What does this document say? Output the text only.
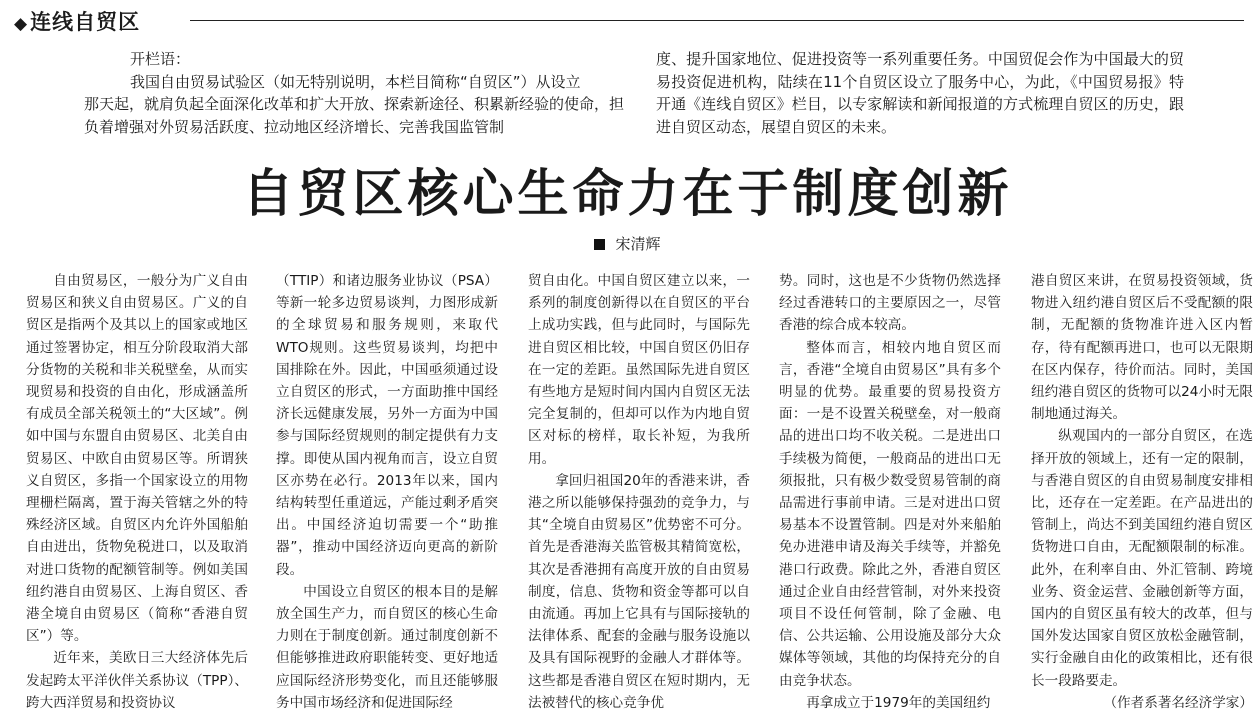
◆连线自贸区
开栏语：
我国自由贸易试验区（如无特别说明，本栏目简称“自贸区”）从设立
那天起，就肩负起全面深化改革和扩大开放、探索新途径、积累新经验的使命，担负着增强对外贸易活跃度、拉动地区经济增长、完善我国监管制
度、提升国家地位、促进投资等一系列重要任务。中国贸促会作为中国最大的贸易投资促进机构，陆续在11个自贸区设立了服务中心，为此，《中国贸易报》特开通《连线自贸区》栏目，以专家解读和新闻报道的方式梳理自贸区的历史，跟进自贸区动态，展望自贸区的未来。
自贸区核心生命力在于制度创新
宋清辉

自由贸易区，一般分为广义自由贸易区和狭义自由贸易区。广义的自贸区是指两个及其以上的国家或地区通过签署协定，相互分阶段取消大部分货物的关税和非关税壁垒，从而实现贸易和投资的自由化，形成涵盖所有成员全部关税领土的“大区域”。例如中国与东盟自由贸易区、北美自由贸易区、中欧自由贸易区等。所谓狭义自贸区，多指一个国家设立的用物理栅栏隔离，置于海关管辖之外的特殊经济区域。自贸区内允许外国船舶自由进出，货物免税进口，以及取消对进口货物的配额管制等。例如美国纽约港自由贸易区、上海自贸区、香港全境自由贸易区（简称“香港自贸区”）等。

近年来，美欧日三大经济体先后发起跨太平洋伙伴关系协议（TPP）、跨大西洋贸易和投资协议

（TTIP）和诸边服务业协议（PSA）等新一轮多边贸易谈判，力图形成新的全球贸易和服务规则，来取代WTO规则。这些贸易谈判，均把中国排除在外。因此，中国亟须通过设立自贸区的形式，一方面助推中国经济长远健康发展，另外一方面为中国参与国际经贸规则的制定提供有力支撑。即使从国内视角而言，设立自贸区亦势在必行。2013年以来，国内结构转型任重道远，产能过剩矛盾突出。中国经济迫切需要一个“助推器”，推动中国经济迈向更高的新阶段。

中国设立自贸区的根本目的是解放全国生产力，而自贸区的核心生命力则在于制度创新。通过制度创新不但能够推进政府职能转变、更好地适应国际经济形势变化，而且还能够服务中国市场经济和促进国际经

贸自由化。中国自贸区建立以来，一系列的制度创新得以在自贸区的平台上成功实践，但与此同时，与国际先进自贸区相比较，中国自贸区仍旧存在一定的差距。虽然国际先进自贸区有些地方是短时间内国内自贸区无法完全复制的，但却可以作为内地自贸区对标的榜样，取长补短，为我所用。

拿回归祖国20年的香港来讲，香港之所以能够保持强劲的竞争力，与其“全境自由贸易区”优势密不可分。首先是香港海关监管极其精简宽松，其次是香港拥有高度开放的自由贸易制度，信息、货物和资金等都可以自由流通。再加上它具有与国际接轨的法律体系、配套的金融与服务设施以及具有国际视野的金融人才群体等。这些都是香港自贸区在短时期内，无法被替代的核心竞争优

势。同时，这也是不少货物仍然选择经过香港转口的主要原因之一，尽管香港的综合成本较高。

整体而言，相较内地自贸区而言，香港“全境自由贸易区”具有多个明显的优势。最重要的贸易投资方面：一是不设置关税壁垒，对一般商品的进出口均不收关税。二是进出口手续极为简便，一般商品的进出口无须报批，只有极少数受贸易管制的商品需进行事前申请。三是对进出口贸易基本不设置管制。四是对外来船舶免办进港申请及海关手续等，并豁免港口行政费。除此之外，香港自贸区通过企业自由经营管制，对外来投资项目不设任何管制，除了金融、电信、公共运输、公用设施及部分大众媒体等领域，其他的均保持充分的自由竞争状态。

再拿成立于1979年的美国纽约

港自贸区来讲，在贸易投资领域，货物进入纽约港自贸区后不受配额的限制，无配额的货物准许进入区内暂存，待有配额再进口，也可以无限期在区内保存，待价而沽。同时，美国纽约港自贸区的货物可以24小时无限制地通过海关。

纵观国内的一部分自贸区，在选择开放的领域上，还有一定的限制，与香港自贸区的自由贸易制度安排相比，还存在一定差距。在产品进出的管制上，尚达不到美国纽约港自贸区货物进口自由，无配额限制的标准。此外，在利率自由、外汇管制、跨境业务、资金运营、金融创新等方面，国内的自贸区虽有较大的改革，但与国外发达国家自贸区放松金融管制，实行金融自由化的政策相比，还有很长一段路要走。

（作者系著名经济学家）
